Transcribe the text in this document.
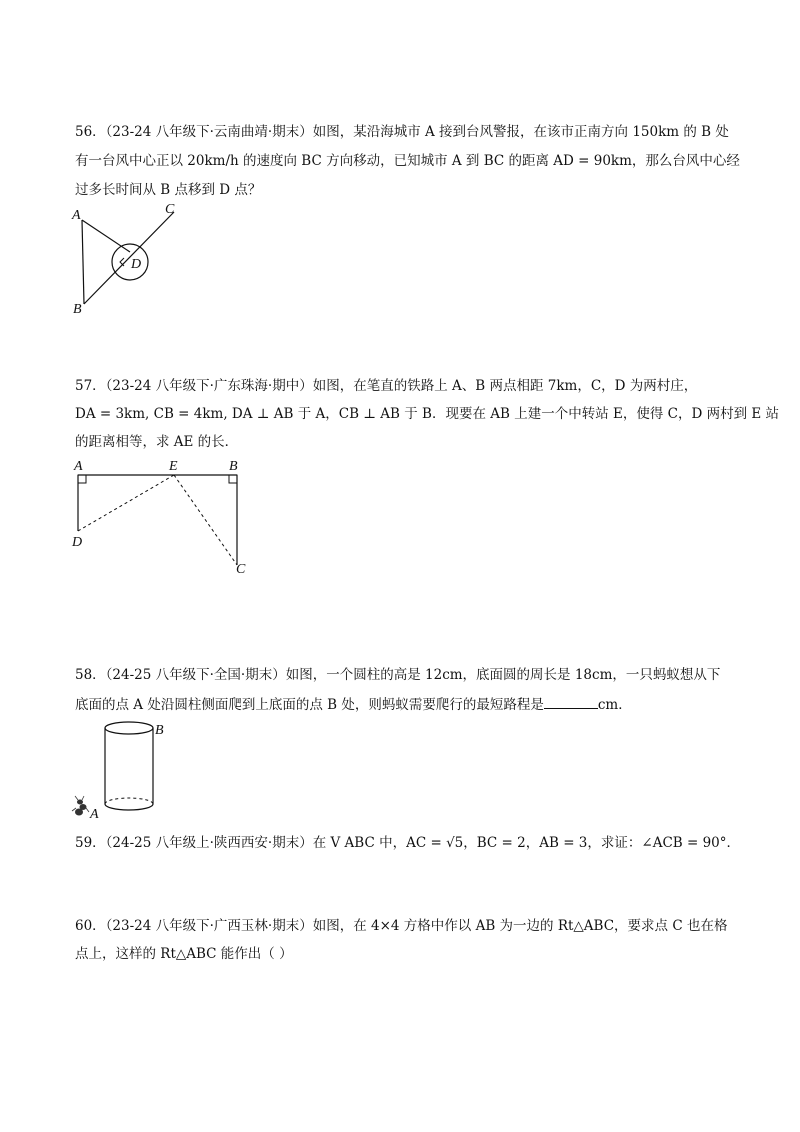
56．（23-24 八年级下·云南曲靖·期末）如图，某沿海城市 A 接到台风警报，在该市正南方向 150km 的 B 处
有一台风中心正以 20km/h 的速度向 BC 方向移动，已知城市 A 到 BC 的距离 AD = 90km，那么台风中心经
过多长时间从 B 点移到 D 点？
A
B
C
D
57．（23-24 八年级下·广东珠海·期中）如图，在笔直的铁路上 A、B 两点相距 7km，C，D 为两村庄，
DA = 3km, CB = 4km, DA ⊥ AB 于 A，CB ⊥ AB 于 B．现要在 AB 上建一个中转站 E，使得 C，D 两村到 E 站
的距离相等，求 AE 的长．
A	E	B
D
C
58．（24-25 八年级下·全国·期末）如图，一个圆柱的高是 12cm，底面圆的周长是 18cm，一只蚂蚁想从下
底面的点 A 处沿圆柱侧面爬到上底面的点 B 处，则蚂蚁需要爬行的最短路程是	cm．
B
A
59．（24-25 八年级上·陕西西安·期末）在 V ABC 中，AC = √5，BC = 2，AB = 3，求证：∠ACB = 90°．
60．（23-24 八年级下·广西玉林·期末）如图，在 4×4 方格中作以 AB 为一边的 Rt△ABC，要求点 C 也在格
点上，这样的 Rt△ABC 能作出（ ）
